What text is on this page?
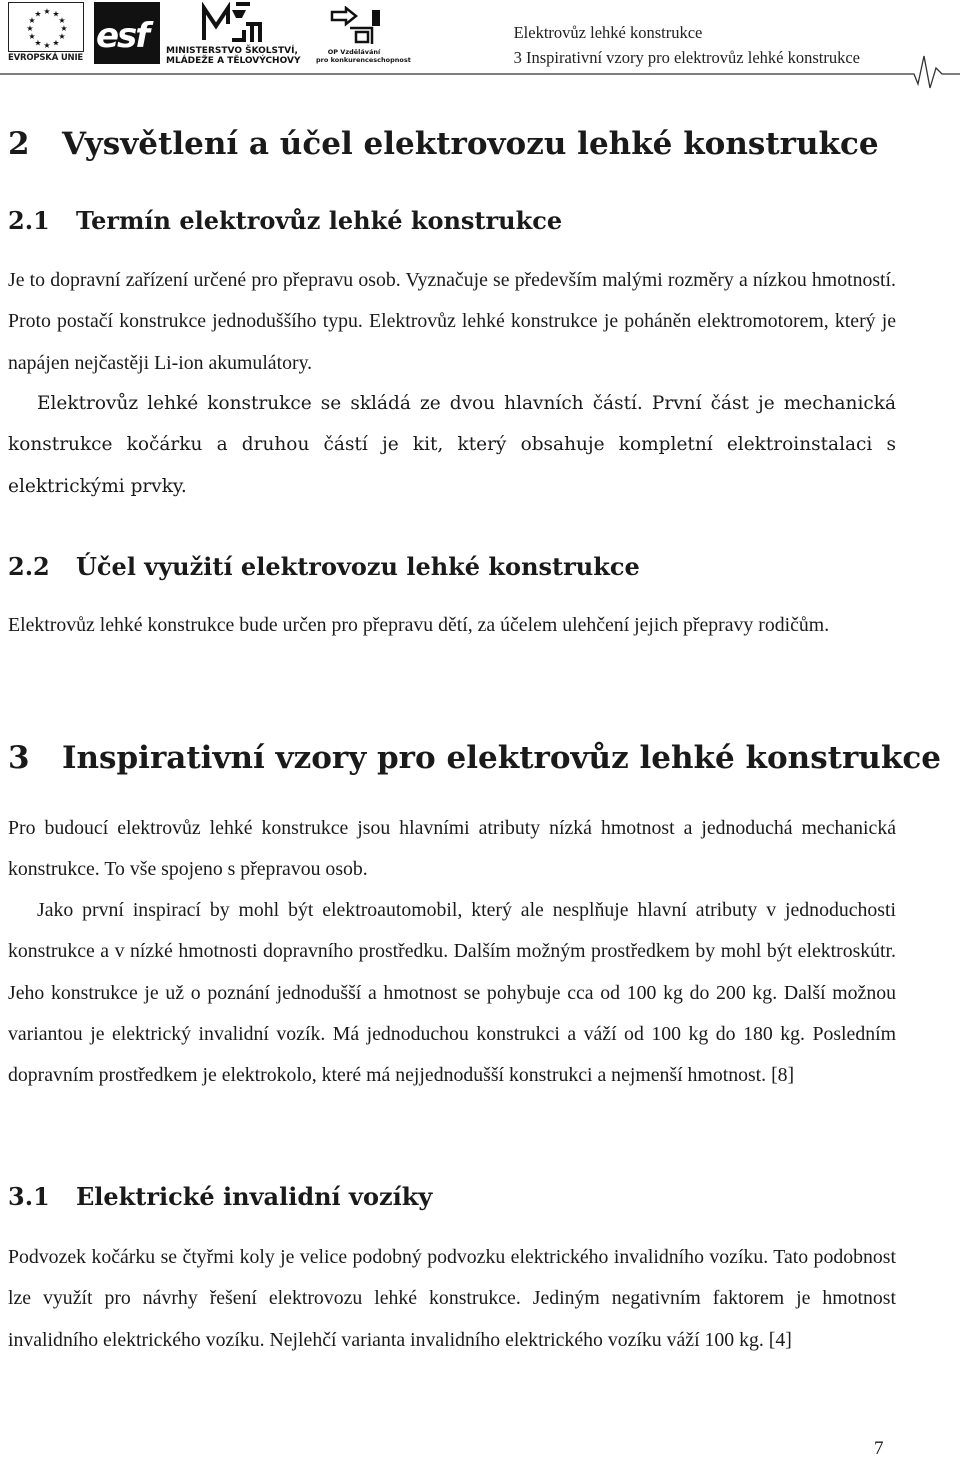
★ ★
★
★
★
★
★
★
★
★
★
★
EVROPSKÁ UNIE
esf MINISTERSTVO ŠKOLSTVÍ,
MLÁDEŽE A TĚLOVÝCHOVY
OP Vzdělávání
pro konkurenceschopnost
Elektrovůz lehké konstrukce
3 Inspirativní vzory pro elektrovůz lehké konstrukce
2 Vysvětlení a účel elektrovozu lehké konstrukce
2.1 Termín elektrovůz lehké konstrukce

Je to dopravní zařízení určené pro přepravu osob. Vyznačuje se především malými rozměry a nízkou hmotností. Proto postačí konstrukce jednoduššího typu. Elektrovůz lehké konstrukce je poháněn elektromotorem, který je napájen nejčastěji Li-ion akumulátory.

Elektrovůz lehké konstrukce se skládá ze dvou hlavních částí. První část je mechanická konstrukce kočárku a druhou částí je kit, který obsahuje kompletní elektroinstalaci s elektrickými prvky.

2.2 Účel využití elektrovozu lehké konstrukce

Elektrovůz lehké konstrukce bude určen pro přepravu dětí, za účelem ulehčení jejich přepravy rodičům.

3 Inspirativní vzory pro elektrovůz lehké konstrukce

Pro budoucí elektrovůz lehké konstrukce jsou hlavními atributy nízká hmotnost a jednoduchá mechanická konstrukce. To vše spojeno s přepravou osob.

Jako první inspirací by mohl být elektroautomobil, který ale nesplňuje hlavní atributy v jednoduchosti konstrukce a v nízké hmotnosti dopravního prostředku. Dalším možným prostředkem by mohl být elektroskútr. Jeho konstrukce je už o poznání jednodušší a hmotnost se pohybuje cca od 100 kg do 200 kg. Další možnou variantou je elektrický invalidní vozík. Má jednoduchou konstrukci a váží od 100 kg do 180 kg. Posledním dopravním prostředkem je elektrokolo, které má nejjednodušší konstrukci a nejmenší hmotnost. [8]

3.1 Elektrické invalidní vozíky

Podvozek kočárku se čtyřmi koly je velice podobný podvozku elektrického invalidního vozíku. Tato podobnost lze využít pro návrhy řešení elektrovozu lehké konstrukce. Jediným negativním faktorem je hmotnost invalidního elektrického vozíku. Nejlehčí varianta invalidního elektrického vozíku váží 100 kg. [4]

7
